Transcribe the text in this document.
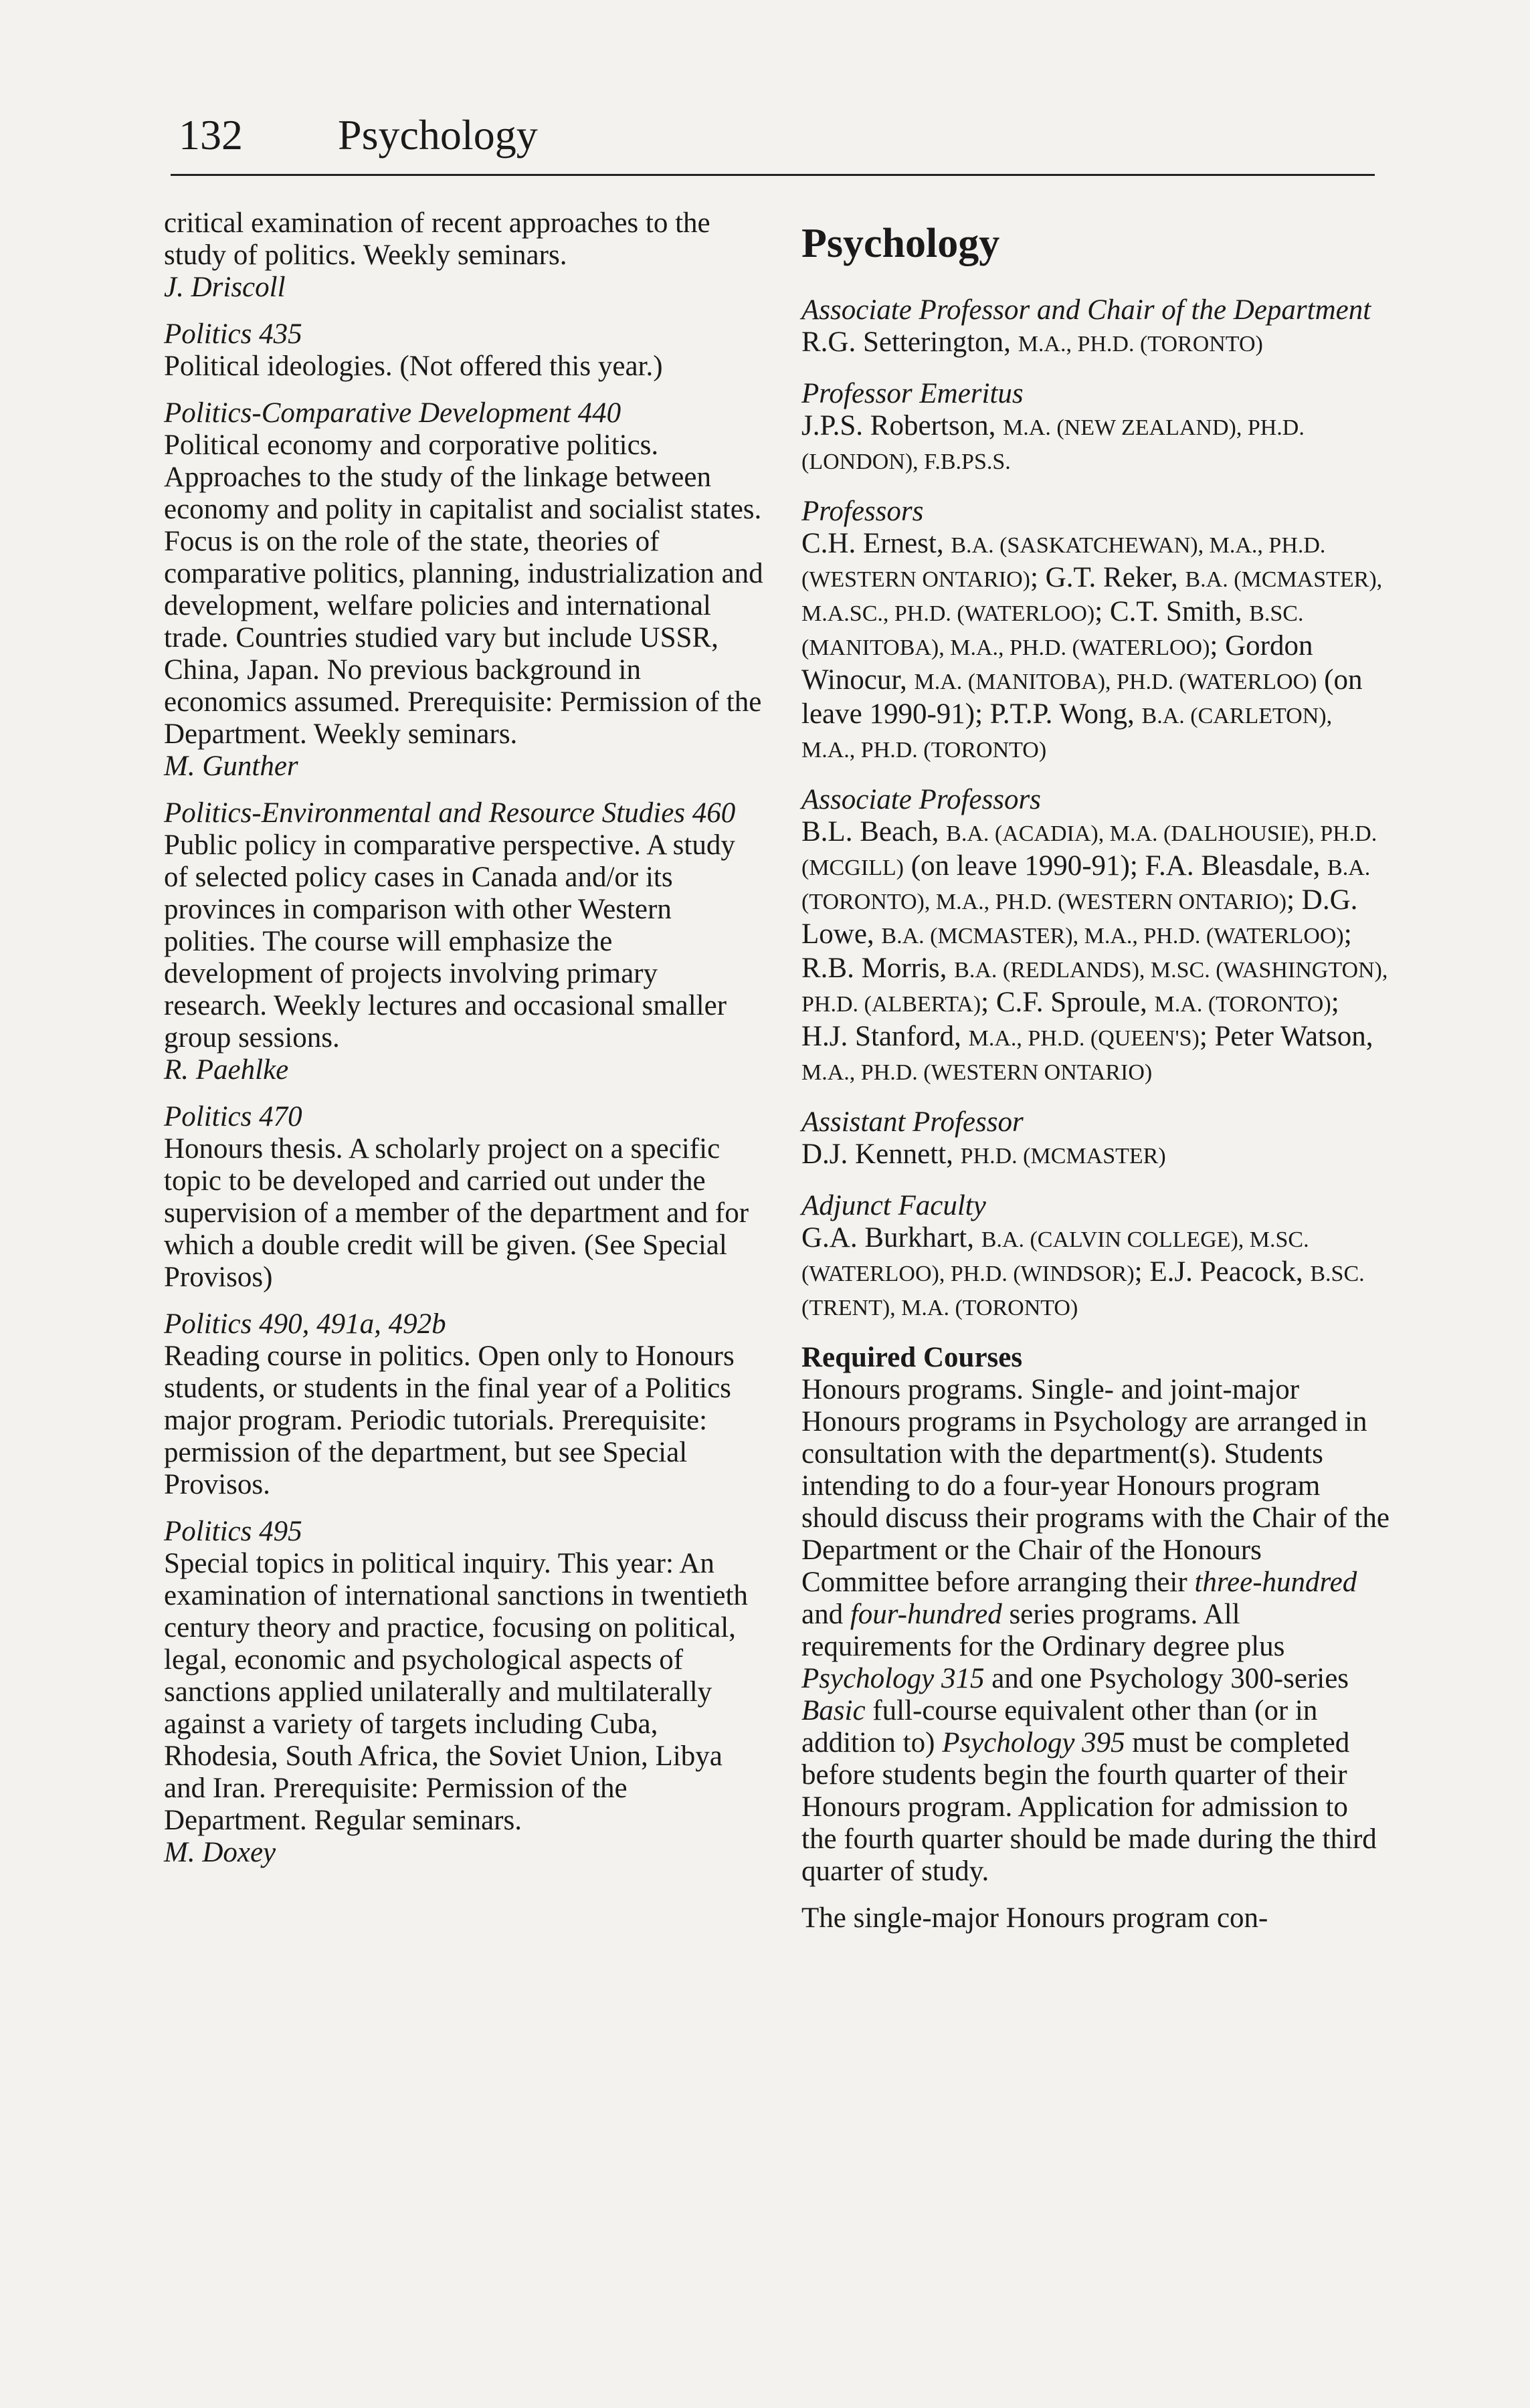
132 Psychology
critical examination of recent approaches to the study of politics. Weekly seminars.
J. Driscoll
Politics 435
Political ideologies. (Not offered this year.)
Politics-Comparative Development 440
Political economy and corporative politics. Approaches to the study of the linkage between economy and polity in capitalist and socialist states. Focus is on the role of the state, theories of comparative politics, planning, industrialization and development, welfare policies and international trade. Countries studied vary but include USSR, China, Japan. No previous background in economics assumed. Prerequisite: Permission of the Department. Weekly seminars.
M. Gunther
Politics-Environmental and Resource Studies 460
Public policy in comparative perspective. A study of selected policy cases in Canada and/or its provinces in comparison with other Western polities. The course will emphasize the development of projects involving primary research. Weekly lectures and occasional smaller group sessions.
R. Paehlke
Politics 470
Honours thesis. A scholarly project on a specific topic to be developed and carried out under the supervision of a member of the department and for which a double credit will be given. (See Special Provisos)
Politics 490, 491a, 492b
Reading course in politics. Open only to Honours students, or students in the final year of a Politics major program. Periodic tutorials. Prerequisite: permission of the department, but see Special Provisos.
Politics 495
Special topics in political inquiry. This year: An examination of international sanctions in twentieth century theory and practice, focusing on political, legal, economic and psychological aspects of sanctions applied unilaterally and multilaterally against a variety of targets including Cuba, Rhodesia, South Africa, the Soviet Union, Libya and Iran. Prerequisite: Permission of the Department. Regular seminars.
M. Doxey
Psychology
Associate Professor and Chair of the Department
R.G. Setterington, M.A., PH.D. (TORONTO)
Professor Emeritus
J.P.S. Robertson, M.A. (NEW ZEALAND), PH.D. (LONDON), F.B.PS.S.
Professors
C.H. Ernest, B.A. (SASKATCHEWAN), M.A., PH.D. (WESTERN ONTARIO); G.T. Reker, B.A. (MCMASTER), M.A.SC., PH.D. (WATERLOO); C.T. Smith, B.SC. (MANITOBA), M.A., PH.D. (WATERLOO); Gordon Winocur, M.A. (MANITOBA), PH.D. (WATERLOO) (on leave 1990-91); P.T.P. Wong, B.A. (CARLETON), M.A., PH.D. (TORONTO)
Associate Professors
B.L. Beach, B.A. (ACADIA), M.A. (DALHOUSIE), PH.D. (MCGILL) (on leave 1990-91); F.A. Bleasdale, B.A. (TORONTO), M.A., PH.D. (WESTERN ONTARIO); D.G. Lowe, B.A. (MCMASTER), M.A., PH.D. (WATERLOO); R.B. Morris, B.A. (REDLANDS), M.SC. (WASHINGTON), PH.D. (ALBERTA); C.F. Sproule, M.A. (TORONTO); H.J. Stanford, M.A., PH.D. (QUEEN'S); Peter Watson, M.A., PH.D. (WESTERN ONTARIO)
Assistant Professor
D.J. Kennett, PH.D. (MCMASTER)
Adjunct Faculty
G.A. Burkhart, B.A. (CALVIN COLLEGE), M.SC. (WATERLOO), PH.D. (WINDSOR); E.J. Peacock, B.SC. (TRENT), M.A. (TORONTO)
Required Courses
Honours programs. Single- and joint-major Honours programs in Psychology are arranged in consultation with the department(s). Students intending to do a four-year Honours program should discuss their programs with the Chair of the Department or the Chair of the Honours Committee before arranging their three-hundred and four-hundred series programs. All requirements for the Ordinary degree plus Psychology 315 and one Psychology 300-series Basic full-course equivalent other than (or in addition to) Psychology 395 must be completed before students begin the fourth quarter of their Honours program. Application for admission to the fourth quarter should be made during the third quarter of study.
The single-major Honours program con-
